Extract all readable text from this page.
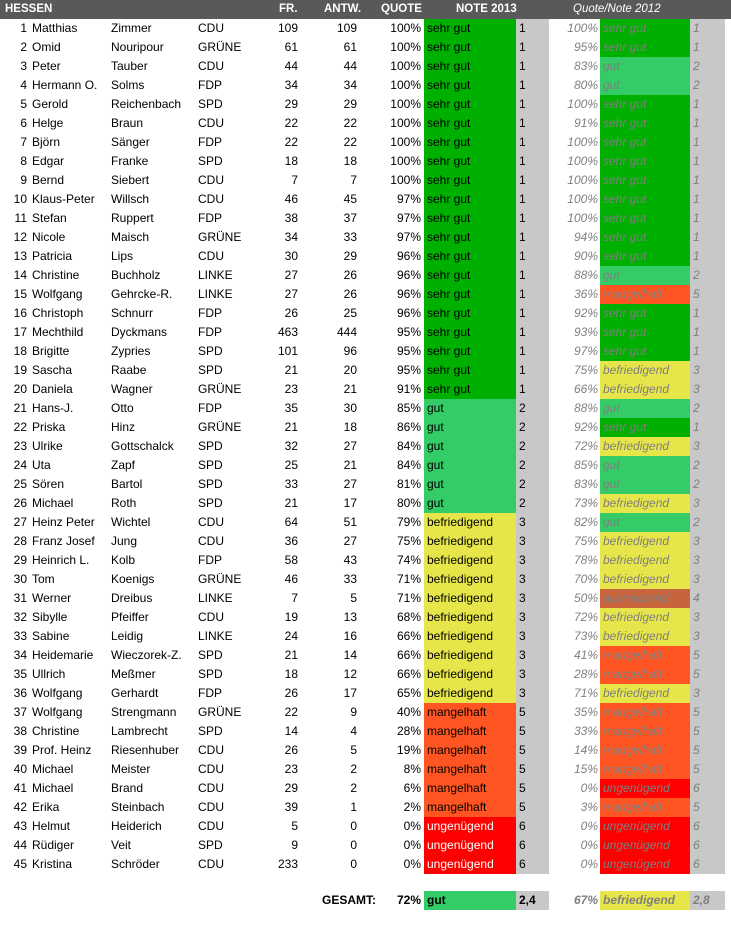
HESSEN	FR. ANTW. QUOTE	NOTE 2013	Quote/Note 2012
1 Matthias	Zimmer	CDU	109	109	100% sehr gut	1	100% sehr gut	1
2 Omid	Nouripour	GRÜNE	61	61	100% sehr gut	1	95% sehr gut	1
3 Peter	Tauber	CDU	44	44	100% sehr gut	1	83% gut	2
4 Hermann O.	Solms	FDP	34	34	100% sehr gut	1	80% gut	2
5 Gerold	Reichenbach	SPD	29	29	100% sehr gut	1	100% sehr gut	1
6 Helge	Braun	CDU	22	22	100% sehr gut	1	91% sehr gut	1
7 Björn	Sänger	FDP	22	22	100% sehr gut	1	100% sehr gut	1
8 Edgar	Franke	SPD	18	18	100% sehr gut	1	100% sehr gut	1
9 Bernd	Siebert	CDU	7	7	100% sehr gut	1	100% sehr gut	1
10 Klaus-Peter	Willsch	CDU	46	45	97% sehr gut	1	100% sehr gut	1
11 Stefan	Ruppert	FDP	38	37	97% sehr gut	1	100% sehr gut	1
12 Nicole	Maisch	GRÜNE	34	33	97% sehr gut	1	94% sehr gut	1
13 Patricia	Lips	CDU	30	29	96% sehr gut	1	90% sehr gut	1
14 Christine	Buchholz	LINKE	27	26	96% sehr gut	1	88% gut	2
15 Wolfgang	Gehrcke-R.	LINKE	27	26	96% sehr gut	1	36% mangelhaft	5
16 Christoph	Schnurr	FDP	26	25	96% sehr gut	1	92% sehr gut	1
17 Mechthild	Dyckmans	FDP	463	444	95% sehr gut	1	93% sehr gut	1
18 Brigitte	Zypries	SPD	101	96	95% sehr gut	1	97% sehr gut	1
19 Sascha	Raabe	SPD	21	20	95% sehr gut	1	75% befriedigend	3
20 Daniela	Wagner	GRÜNE	23	21	91% sehr gut	1	66% befriedigend	3
21 Hans-J.	Otto	FDP	35	30	85% gut	2	88% gut	2
22 Priska	Hinz	GRÜNE	21	18	86% gut	2	92% sehr gut	1
23 Ulrike	Gottschalck	SPD	32	27	84% gut	2	72% befriedigend	3
24 Uta	Zapf	SPD	25	21	84% gut	2	85% gut	2
25 Sören	Bartol	SPD	33	27	81% gut	2	83% gut	2
26 Michael	Roth	SPD	21	17	80% gut	2	73% befriedigend	3
27 Heinz Peter	Wichtel	CDU	64	51	79% befriedigend	3	82% gut	2
28 Franz Josef	Jung	CDU	36	27	75% befriedigend	3	75% befriedigend	3
29 Heinrich L.	Kolb	FDP	58	43	74% befriedigend	3	78% befriedigend	3
30 Tom	Koenigs	GRÜNE	46	33	71% befriedigend	3	70% befriedigend	3
31 Werner	Dreibus	LINKE	7	5	71% befriedigend	3	50% ausreichend	4
32 Sibylle	Pfeiffer	CDU	19	13	68% befriedigend	3	72% befriedigend	3
33 Sabine	Leidig	LINKE	24	16	66% befriedigend	3	73% befriedigend	3
34 Heidemarie	Wieczorek-Z.	SPD	21	14	66% befriedigend	3	41% mangelhaft	5
35 Ullrich	Meßmer	SPD	18	12	66% befriedigend	3	28% mangelhaft	5
36 Wolfgang	Gerhardt	FDP	26	17	65% befriedigend	3	71% befriedigend	3
37 Wolfgang	Strengmann	GRÜNE	22	9	40% mangelhaft	5	35% mangelhaft	5
38 Christine	Lambrecht	SPD	14	4	28% mangelhaft	5	33% mangelhaft	5
39 Prof. Heinz	Riesenhuber	CDU	26	5	19% mangelhaft	5	14% mangelhaft	5
40 Michael	Meister	CDU	23	2	8% mangelhaft	5	15% mangelhaft	5
41 Michael	Brand	CDU	29	2	6% mangelhaft	5	0% ungenügend	6
42 Erika	Steinbach	CDU	39	1	2% mangelhaft	5	3% mangelhaft	5
43 Helmut	Heiderich	CDU	5	0	0% ungenügend	6	0% ungenügend	6
44 Rüdiger	Veit	SPD	9	0	0% ungenügend	6	0% ungenügend	6
45 Kristina	Schröder	CDU	233	0	0% ungenügend	6	0% ungenügend	6
GESAMT:	72% gut	2,4	67% befriedigend	2,8
